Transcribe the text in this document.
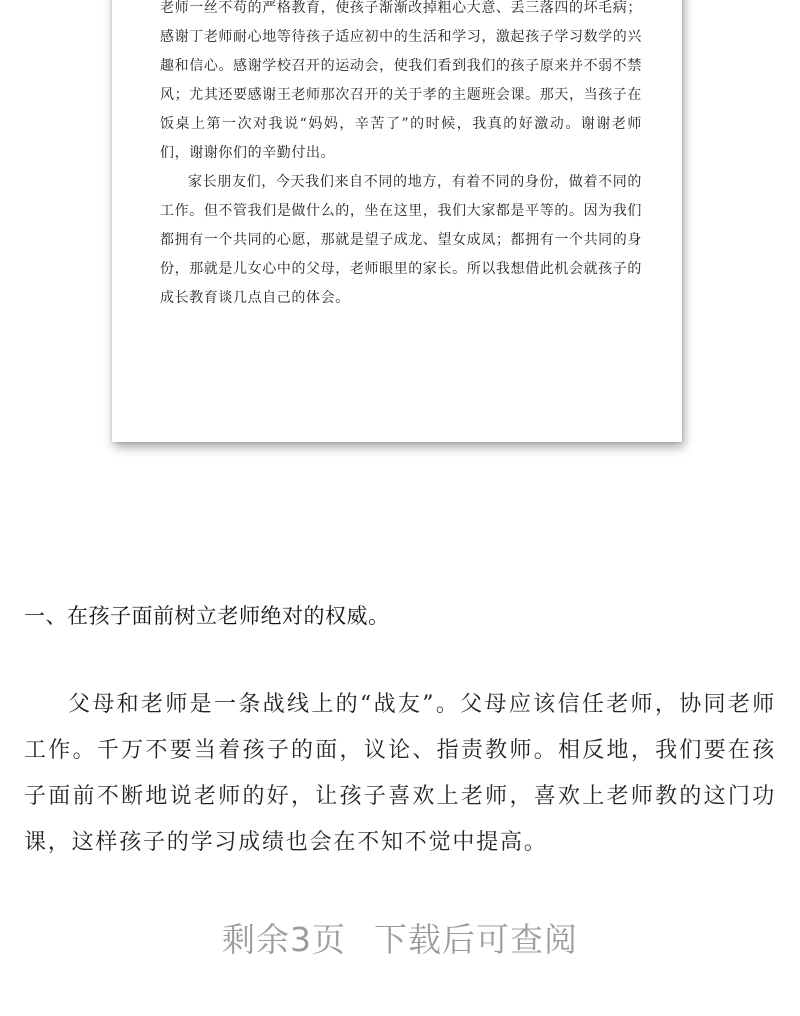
老师一丝不苟的严格教育，使孩子渐渐改掉粗心大意、丢三落四的坏毛病；感谢丁老师耐心地等待孩子适应初中的生活和学习，激起孩子学习数学的兴趣和信心。感谢学校召开的运动会，使我们看到我们的孩子原来并不弱不禁风；尤其还要感谢王老师那次召开的关于孝的主题班会课。那天，当孩子在饭桌上第一次对我说“妈妈，辛苦了”的时候，我真的好激动。谢谢老师们，谢谢你们的辛勤付出。

家长朋友们，今天我们来自不同的地方，有着不同的身份，做着不同的工作。但不管我们是做什么的，坐在这里，我们大家都是平等的。因为我们都拥有一个共同的心愿，那就是望子成龙、望女成凤；都拥有一个共同的身份，那就是儿女心中的父母，老师眼里的家长。所以我想借此机会就孩子的成长教育谈几点自己的体会。

一、在孩子面前树立老师绝对的权威。

父母和老师是一条战线上的“战友”。父母应该信任老师，协同老师工作。千万不要当着孩子的面，议论、指责教师。相反地，我们要在孩子面前不断地说老师的好，让孩子喜欢上老师，喜欢上老师教的这门功课，这样孩子的学习成绩也会在不知不觉中提高。

剩余3页 下载后可查阅
